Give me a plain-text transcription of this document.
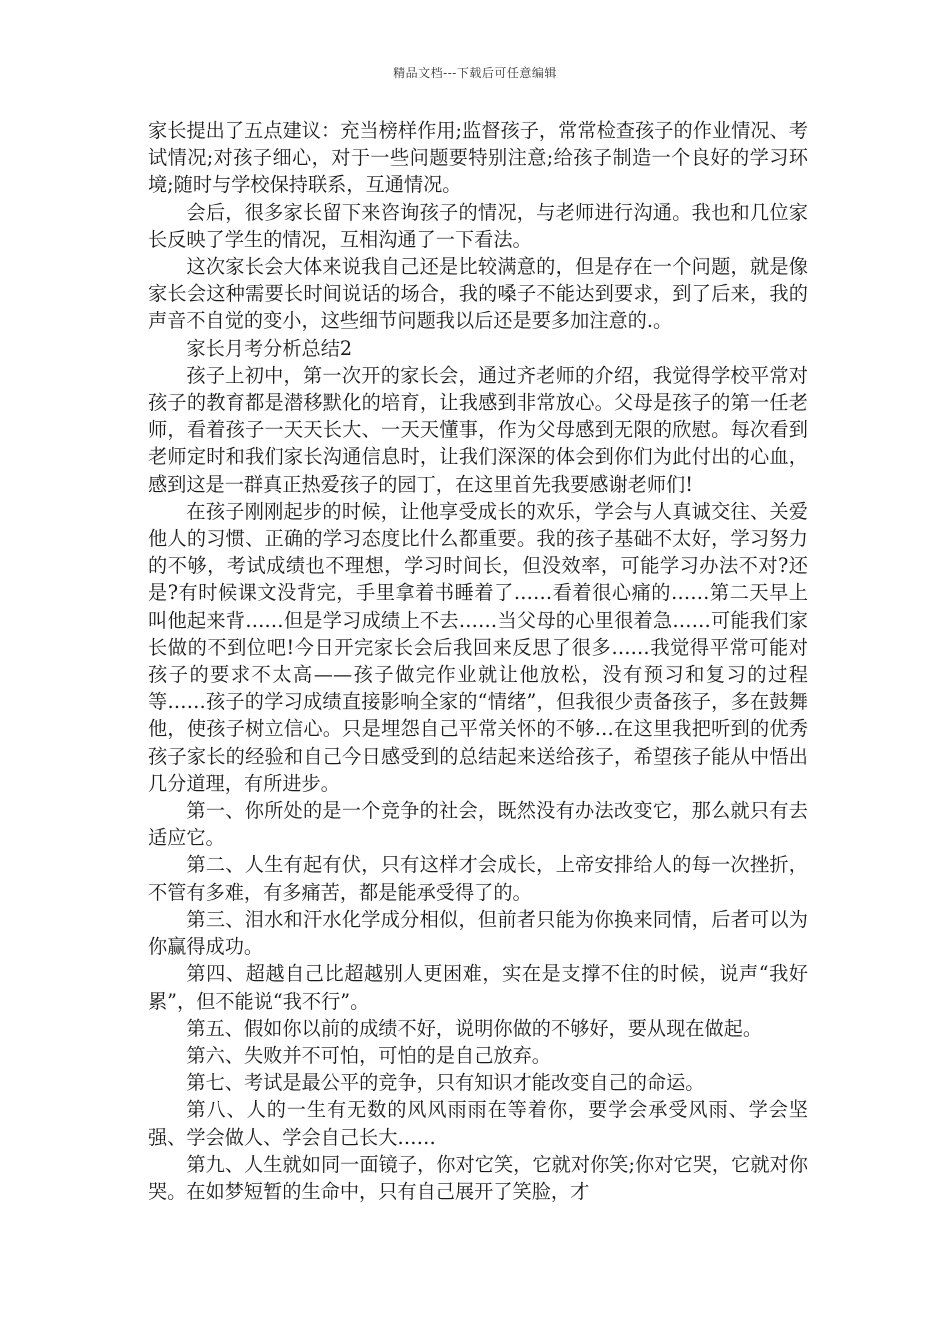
精品文档---下载后可任意编辑

家长提出了五点建议：充当榜样作用;监督孩子，常常检查孩子的作业情况、考试情况;对孩子细心，对于一些问题要特别注意;给孩子制造一个良好的学习环境;随时与学校保持联系，互通情况。

会后，很多家长留下来咨询孩子的情况，与老师进行沟通。我也和几位家长反映了学生的情况，互相沟通了一下看法。

这次家长会大体来说我自己还是比较满意的，但是存在一个问题，就是像家长会这种需要长时间说话的场合，我的嗓子不能达到要求，到了后来，我的声音不自觉的变小，这些细节问题我以后还是要多加注意的.。

家长月考分析总结2

孩子上初中，第一次开的家长会，通过齐老师的介绍，我觉得学校平常对孩子的教育都是潜移默化的培育，让我感到非常放心。父母是孩子的第一任老师，看着孩子一天天长大、一天天懂事，作为父母感到无限的欣慰。每次看到老师定时和我们家长沟通信息时，让我们深深的体会到你们为此付出的心血，感到这是一群真正热爱孩子的园丁，在这里首先我要感谢老师们!

在孩子刚刚起步的时候，让他享受成长的欢乐，学会与人真诚交往、关爱他人的习惯、正确的学习态度比什么都重要。我的孩子基础不太好，学习努力的不够，考试成绩也不理想，学习时间长，但没效率，可能学习办法不对?还是?有时候课文没背完，手里拿着书睡着了……看着很心痛的……第二天早上叫他起来背……但是学习成绩上不去……当父母的心里很着急……可能我们家长做的不到位吧!今日开完家长会后我回来反思了很多……我觉得平常可能对孩子的要求不太高——孩子做完作业就让他放松，没有预习和复习的过程等……孩子的学习成绩直接影响全家的“情绪”，但我很少责备孩子，多在鼓舞他，使孩子树立信心。只是埋怨自己平常关怀的不够…在这里我把听到的优秀孩子家长的经验和自己今日感受到的总结起来送给孩子，希望孩子能从中悟出几分道理，有所进步。

第一、你所处的是一个竞争的社会，既然没有办法改变它，那么就只有去适应它。

第二、人生有起有伏，只有这样才会成长，上帝安排给人的每一次挫折，不管有多难，有多痛苦，都是能承受得了的。

第三、泪水和汗水化学成分相似，但前者只能为你换来同情，后者可以为你赢得成功。

第四、超越自己比超越别人更困难，实在是支撑不住的时候，说声“我好累”，但不能说“我不行”。

第五、假如你以前的成绩不好，说明你做的不够好，要从现在做起。

第六、失败并不可怕，可怕的是自己放弃。

第七、考试是最公平的竞争，只有知识才能改变自己的命运。

第八、人的一生有无数的风风雨雨在等着你，要学会承受风雨、学会坚强、学会做人、学会自己长大……

第九、人生就如同一面镜子，你对它笑，它就对你笑;你对它哭，它就对你哭。在如梦短暂的生命中，只有自己展开了笑脸，才
